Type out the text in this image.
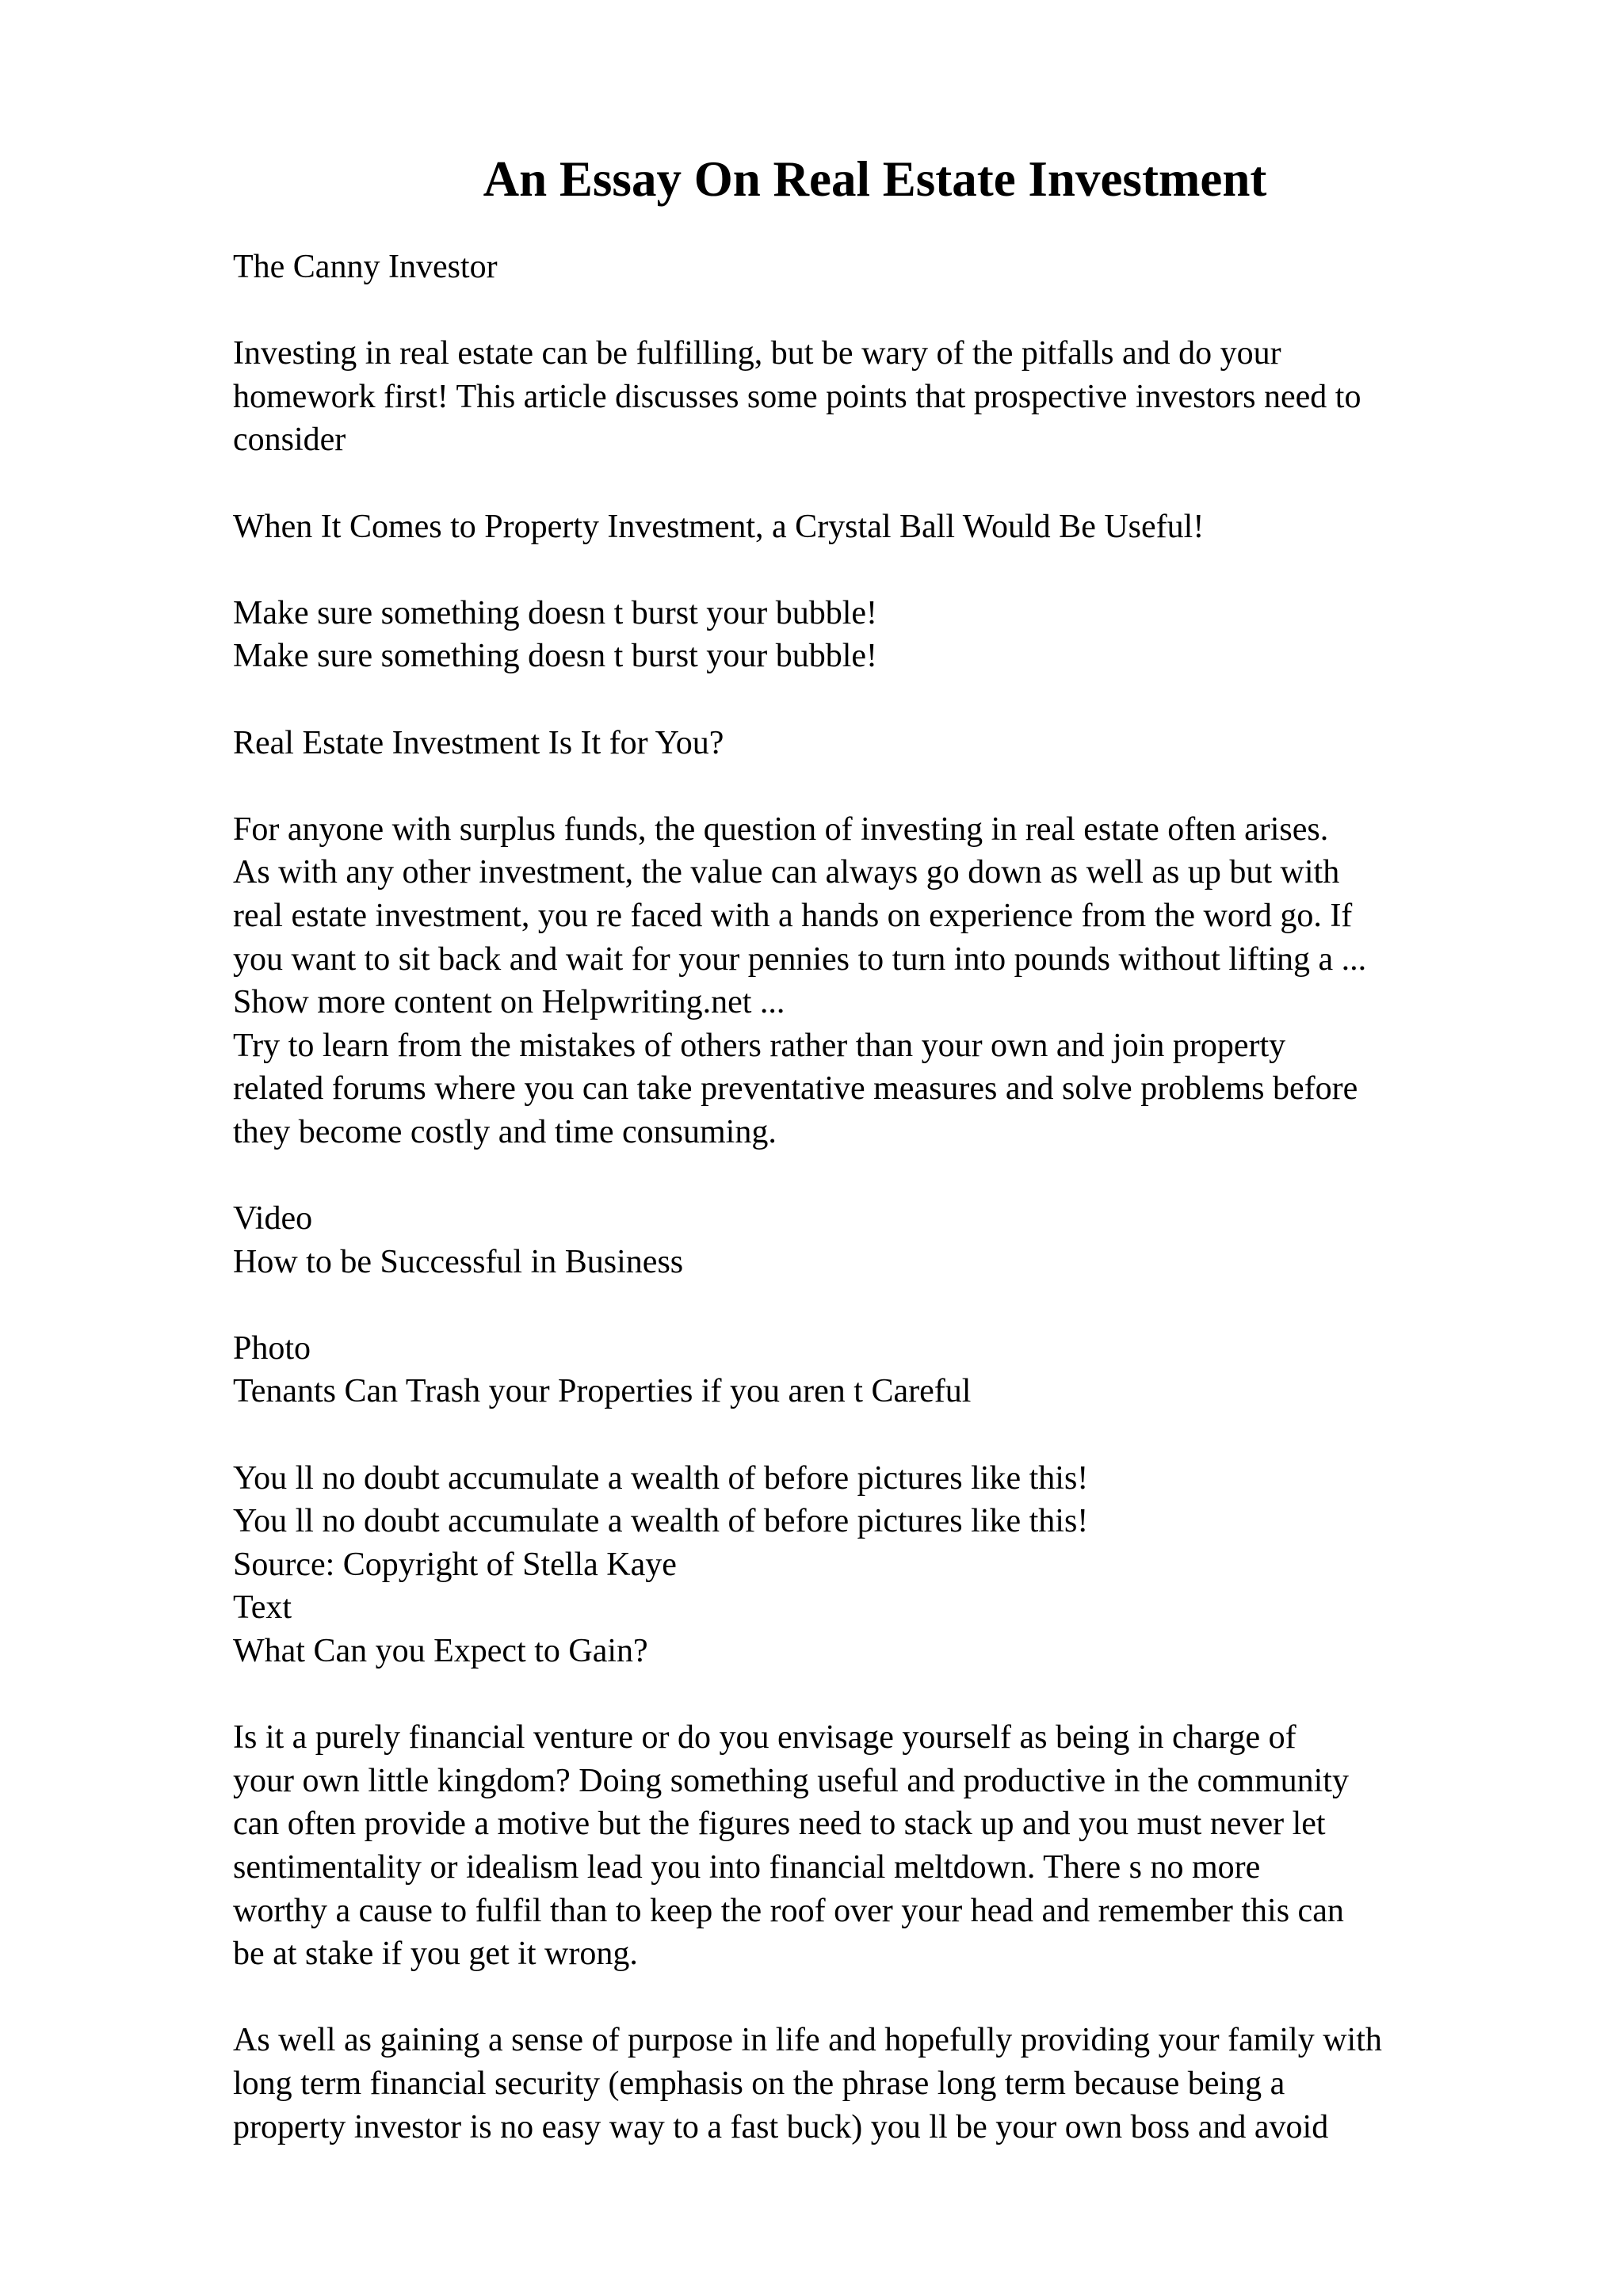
An Essay On Real Estate Investment

The Canny Investor

Investing in real estate can be fulfilling, but be wary of the pitfalls and do your
homework first! This article discusses some points that prospective investors need to
consider

When It Comes to Property Investment, a Crystal Ball Would Be Useful!

Make sure something doesn t burst your bubble!
Make sure something doesn t burst your bubble!

Real Estate Investment Is It for You?

For anyone with surplus funds, the question of investing in real estate often arises.
As with any other investment, the value can always go down as well as up but with
real estate investment, you re faced with a hands on experience from the word go. If
you want to sit back and wait for your pennies to turn into pounds without lifting a ...
Show more content on Helpwriting.net ...
Try to learn from the mistakes of others rather than your own and join property
related forums where you can take preventative measures and solve problems before
they become costly and time consuming.

Video
How to be Successful in Business

Photo
Tenants Can Trash your Properties if you aren t Careful

You ll no doubt accumulate a wealth of before pictures like this!
You ll no doubt accumulate a wealth of before pictures like this!
Source: Copyright of Stella Kaye
Text
What Can you Expect to Gain?

Is it a purely financial venture or do you envisage yourself as being in charge of
your own little kingdom? Doing something useful and productive in the community
can often provide a motive but the figures need to stack up and you must never let
sentimentality or idealism lead you into financial meltdown. There s no more
worthy a cause to fulfil than to keep the roof over your head and remember this can
be at stake if you get it wrong.

As well as gaining a sense of purpose in life and hopefully providing your family with
long term financial security (emphasis on the phrase long term because being a
property investor is no easy way to a fast buck) you ll be your own boss and avoid
